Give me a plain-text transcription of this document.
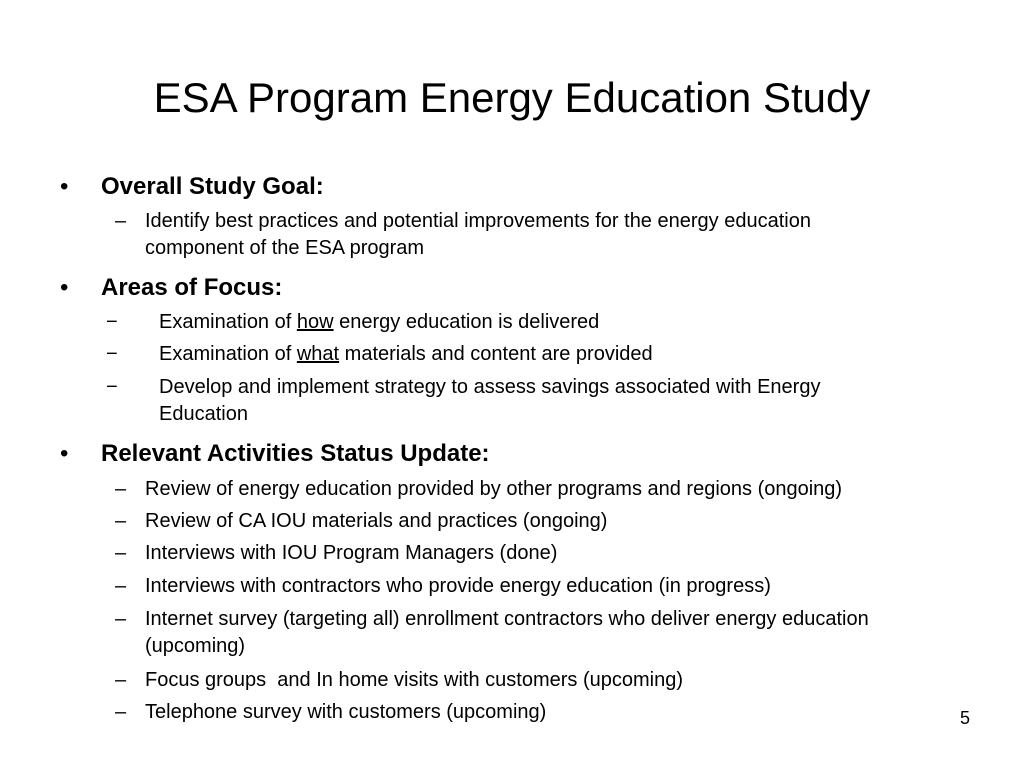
ESA Program Energy Education Study
•	Overall Study Goal:
– Identify best practices and potential improvements for the energy education
component of the ESA program
•	Areas of Focus:
− Examination of how energy education is delivered
− Examination of what materials and content are provided
− Develop and implement strategy to assess savings associated with Energy
Education
•	Relevant Activities Status Update:
– Review of energy education provided by other programs and regions (ongoing)
– Review of CA IOU materials and practices (ongoing)
– Interviews with IOU Program Managers (done)
– Interviews with contractors who provide energy education (in progress)
– Internet survey (targeting all) enrollment contractors who deliver energy education
(upcoming)
– Focus groups  and In home visits with customers (upcoming)
– Telephone survey with customers (upcoming)	5
